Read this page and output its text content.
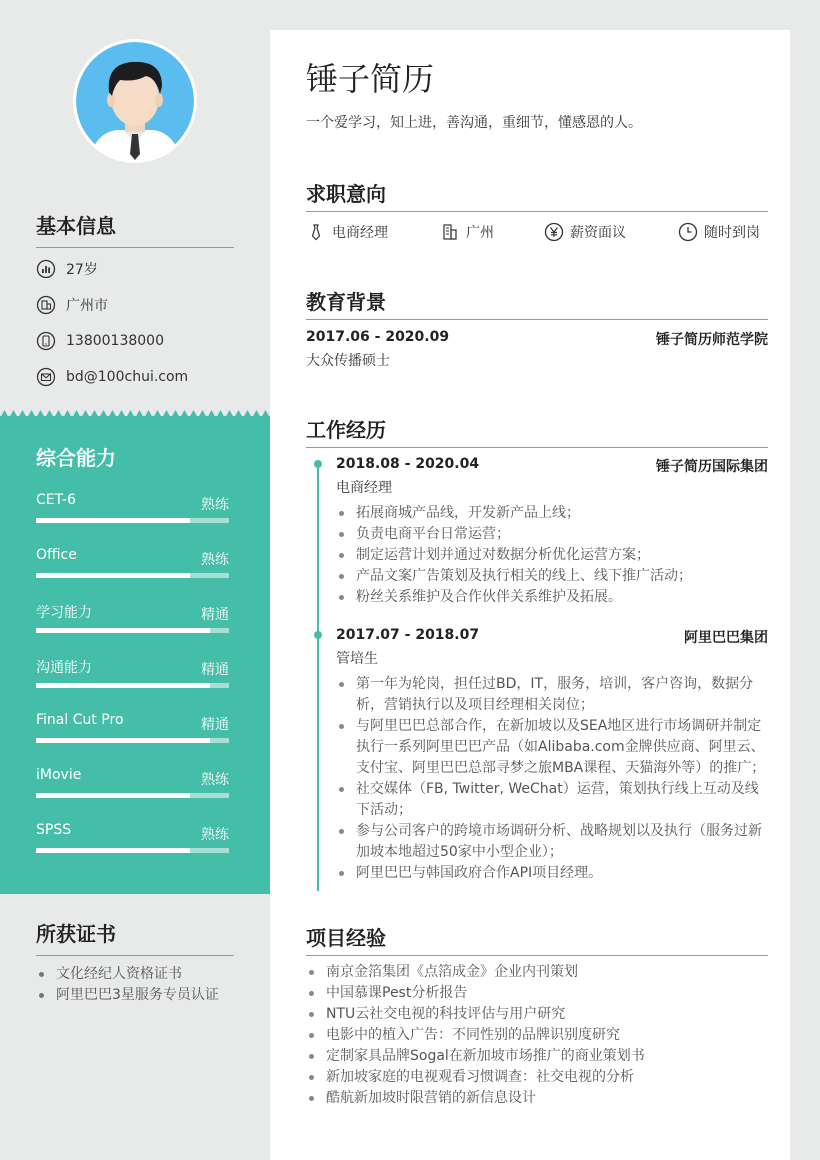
基本信息
27岁
广州市
13800138000
bd@100chui.com
综合能力
CET-6	熟练
Office	熟练
学习能力	精通
沟通能力	精通
Final Cut Pro	精通
iMovie	熟练
SPSS	熟练
所获证书
文化经纪人资格证书
阿里巴巴3星服务专员认证
锤子简历
一个爱学习，知上进，善沟通，重细节，懂感恩的人。
求职意向
电商经理	广州	薪资面议	随时到岗
教育背景
2017.06 - 2020.09	锤子简历师范学院
大众传播硕士
工作经历
2018.08 - 2020.04	锤子简历国际集团
电商经理
拓展商城产品线，开发新产品上线；
负责电商平台日常运营；
制定运营计划并通过对数据分析优化运营方案；
产品文案广告策划及执行相关的线上、线下推广活动；
粉丝关系维护及合作伙伴关系维护及拓展。
2017.07 - 2018.07	阿里巴巴集团
管培生
第一年为轮岗，担任过BD，IT，服务，培训，客户咨询，数据分析，营销执行以及项目经理相关岗位；
与阿里巴巴总部合作，在新加坡以及SEA地区进行市场调研并制定执行一系列阿里巴巴产品（如Alibaba.com金牌供应商、阿里云、支付宝、阿里巴巴总部寻梦之旅MBA课程、天猫海外等）的推广；
社交媒体（FB, Twitter, WeChat）运营，策划执行线上互动及线下活动；
参与公司客户的跨境市场调研分析、战略规划以及执行（服务过新加坡本地超过50家中小型企业）；
阿里巴巴与韩国政府合作API项目经理。
项目经验
南京金箔集团《点箔成金》企业内刊策划
中国慕课Pest分析报告
NTU云社交电视的科技评估与用户研究
电影中的植入广告：不同性别的品牌识别度研究
定制家具品牌Sogal在新加坡市场推广的商业策划书
新加坡家庭的电视观看习惯调查：社交电视的分析
酷航新加坡时限营销的新信息设计
